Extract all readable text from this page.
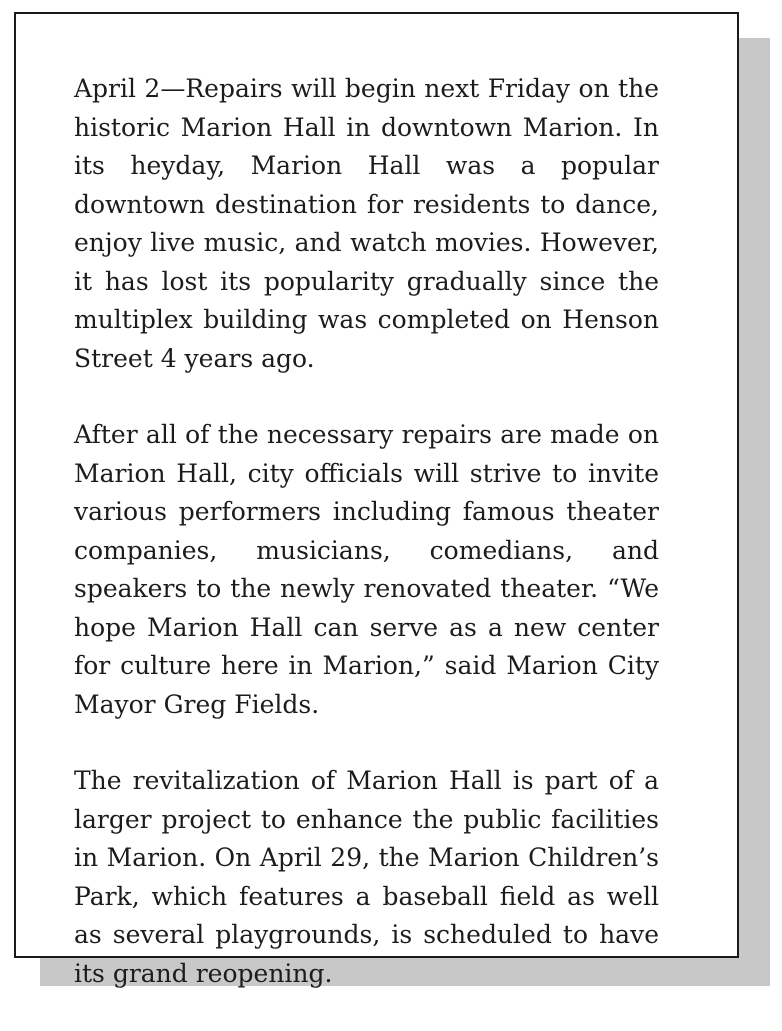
April 2—Repairs will begin next Friday on the historic Marion Hall in downtown Marion. In its heyday, Marion Hall was a popular downtown destination for residents to dance, enjoy live music, and watch movies. However, it has lost its popularity gradually since the multiplex building was completed on Henson Street 4 years ago.

After all of the necessary repairs are made on Marion Hall, city officials will strive to invite various performers including famous theater companies, musicians, comedians, and speakers to the newly renovated theater. “We hope Marion Hall can serve as a new center for culture here in Marion,” said Marion City Mayor Greg Fields.

The revitalization of Marion Hall is part of a larger project to enhance the public facilities in Marion. On April 29, the Marion Children’s Park, which features a baseball field as well as several playgrounds, is scheduled to have its grand reopening.
